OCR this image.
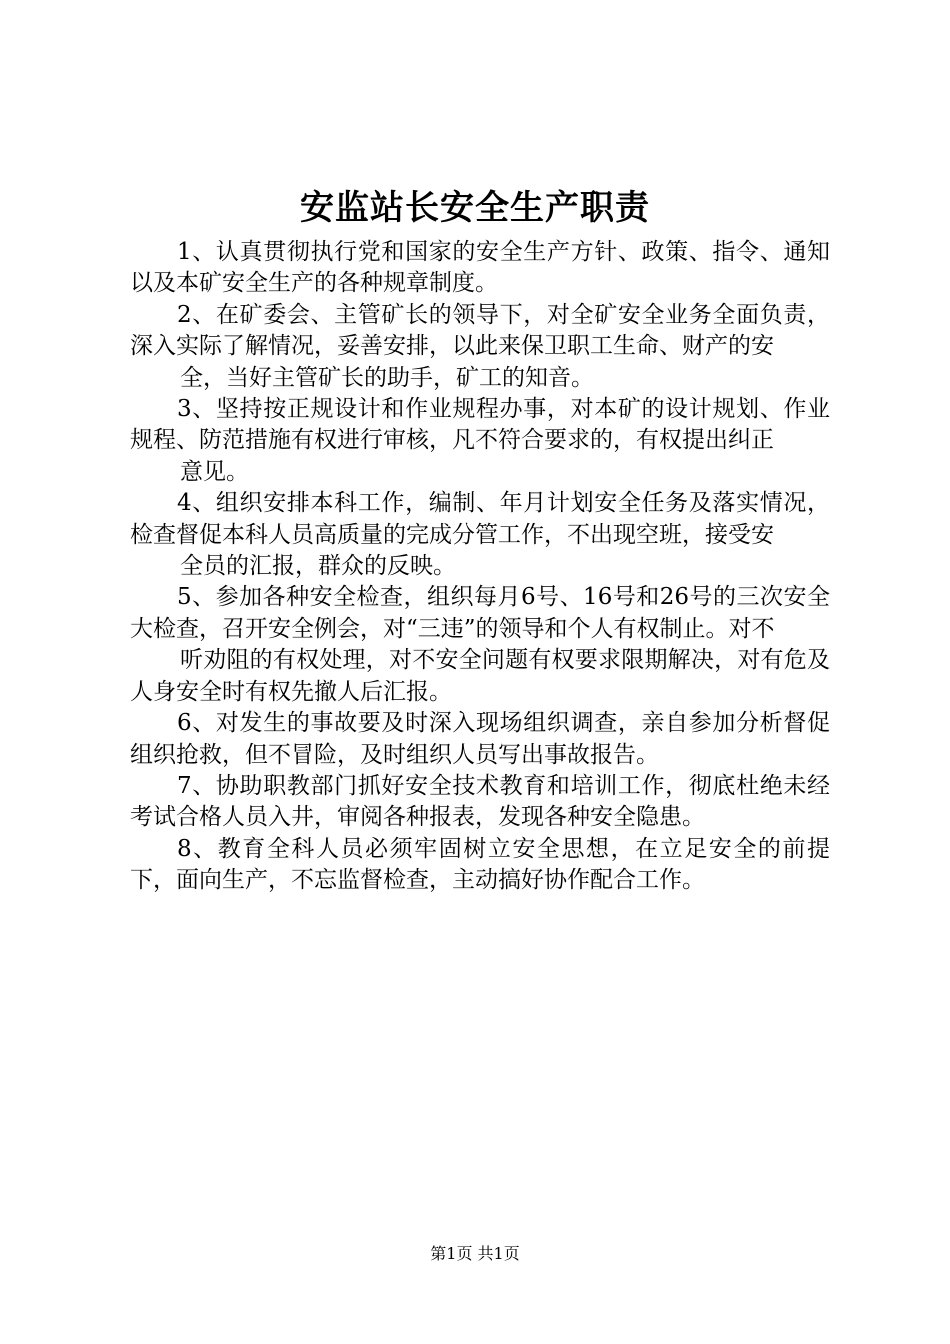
安监站长安全生产职责

1、认真贯彻执行党和国家的安全生产方针、政策、指令、通知以及本矿安全生产的各种规章制度。

2、在矿委会、主管矿长的领导下，对全矿安全业务全面负责，深入实际了解情况，妥善安排，以此来保卫职工生命、财产的安

全，当好主管矿长的助手，矿工的知音。

3、坚持按正规设计和作业规程办事，对本矿的设计规划、作业规程、防范措施有权进行审核，凡不符合要求的，有权提出纠正

意见。

4、组织安排本科工作，编制、年月计划安全任务及落实情况，检查督促本科人员高质量的完成分管工作，不出现空班，接受安

全员的汇报，群众的反映。

5、参加各种安全检查，组织每月6号、16号和26号的三次安全大检查，召开安全例会，对“三违”的领导和个人有权制止。对不

听劝阻的有权处理，对不安全问题有权要求限期解决，对有危及人身安全时有权先撤人后汇报。

6、对发生的事故要及时深入现场组织调查，亲自参加分析督促组织抢救，但不冒险，及时组织人员写出事故报告。

7、协助职教部门抓好安全技术教育和培训工作，彻底杜绝未经考试合格人员入井，审阅各种报表，发现各种安全隐患。

8、教育全科人员必须牢固树立安全思想，在立足安全的前提下，面向生产，不忘监督检查，主动搞好协作配合工作。

第1页 共1页
